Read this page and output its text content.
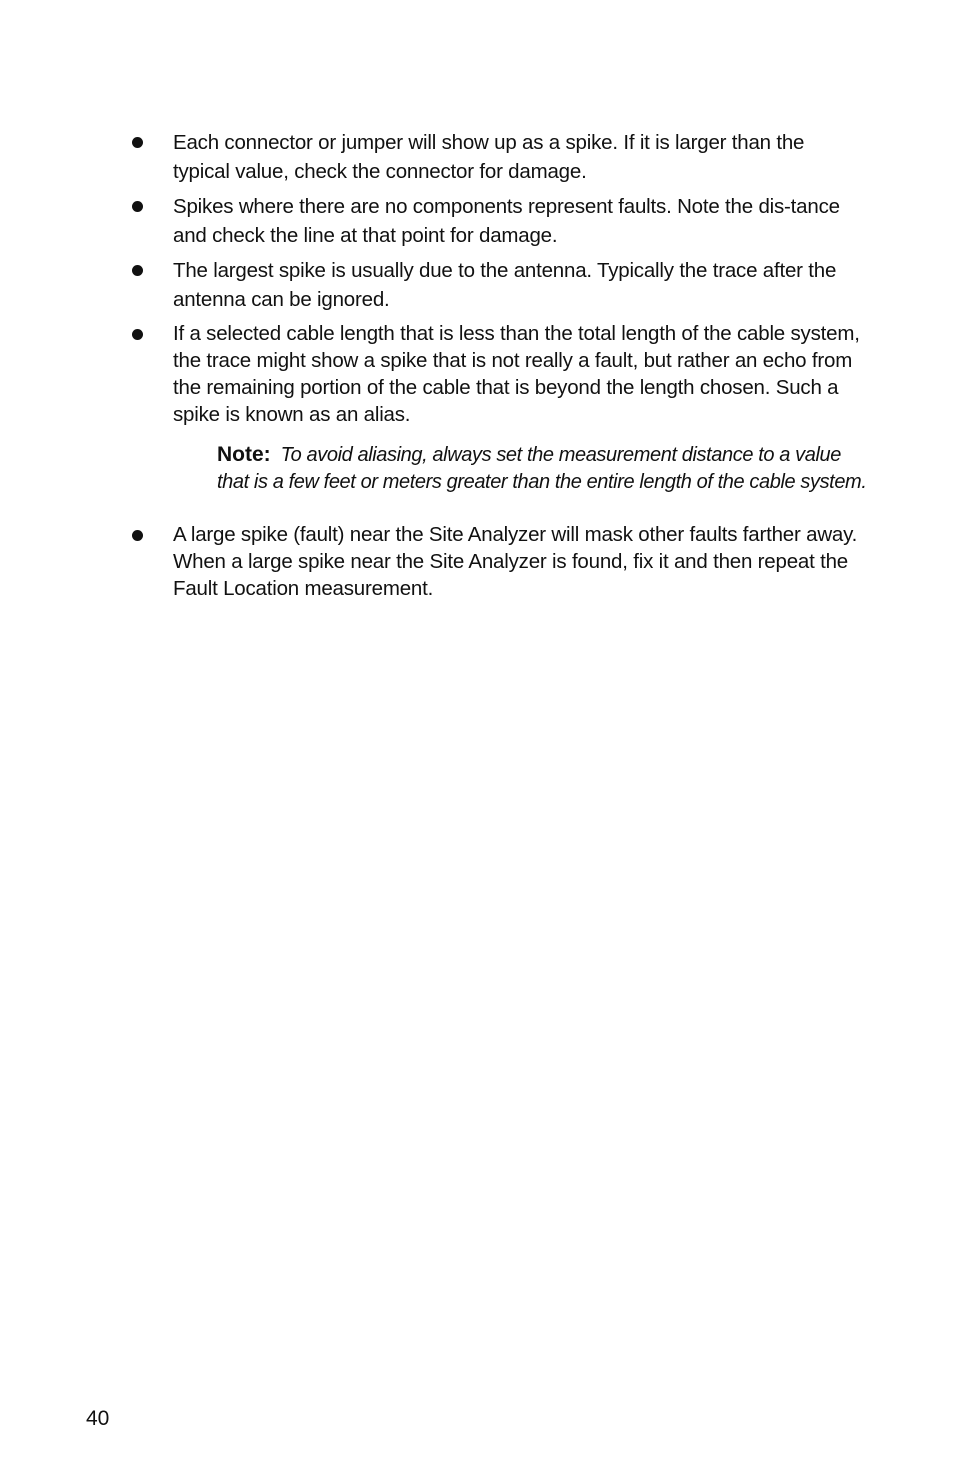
Each connector or jumper will show up as a spike. If it is larger than the typical value, check the connector for damage.
Spikes where there are no components represent faults. Note the dis-tance and check the line at that point for damage.
The largest spike is usually due to the antenna. Typically the trace after the antenna can be ignored.
If a selected cable length that is less than the total length of the cable system, the trace might show a spike that is not really a fault, but rather an echo from the remaining portion of the cable that is beyond the length chosen. Such a spike is known as an alias.
Note: To avoid aliasing, always set the measurement distance to a value that is a few feet or meters greater than the entire length of the cable system.
A large spike (fault) near the Site Analyzer will mask other faults farther away. When a large spike near the Site Analyzer is found, fix it and then repeat the Fault Location measurement.
40
